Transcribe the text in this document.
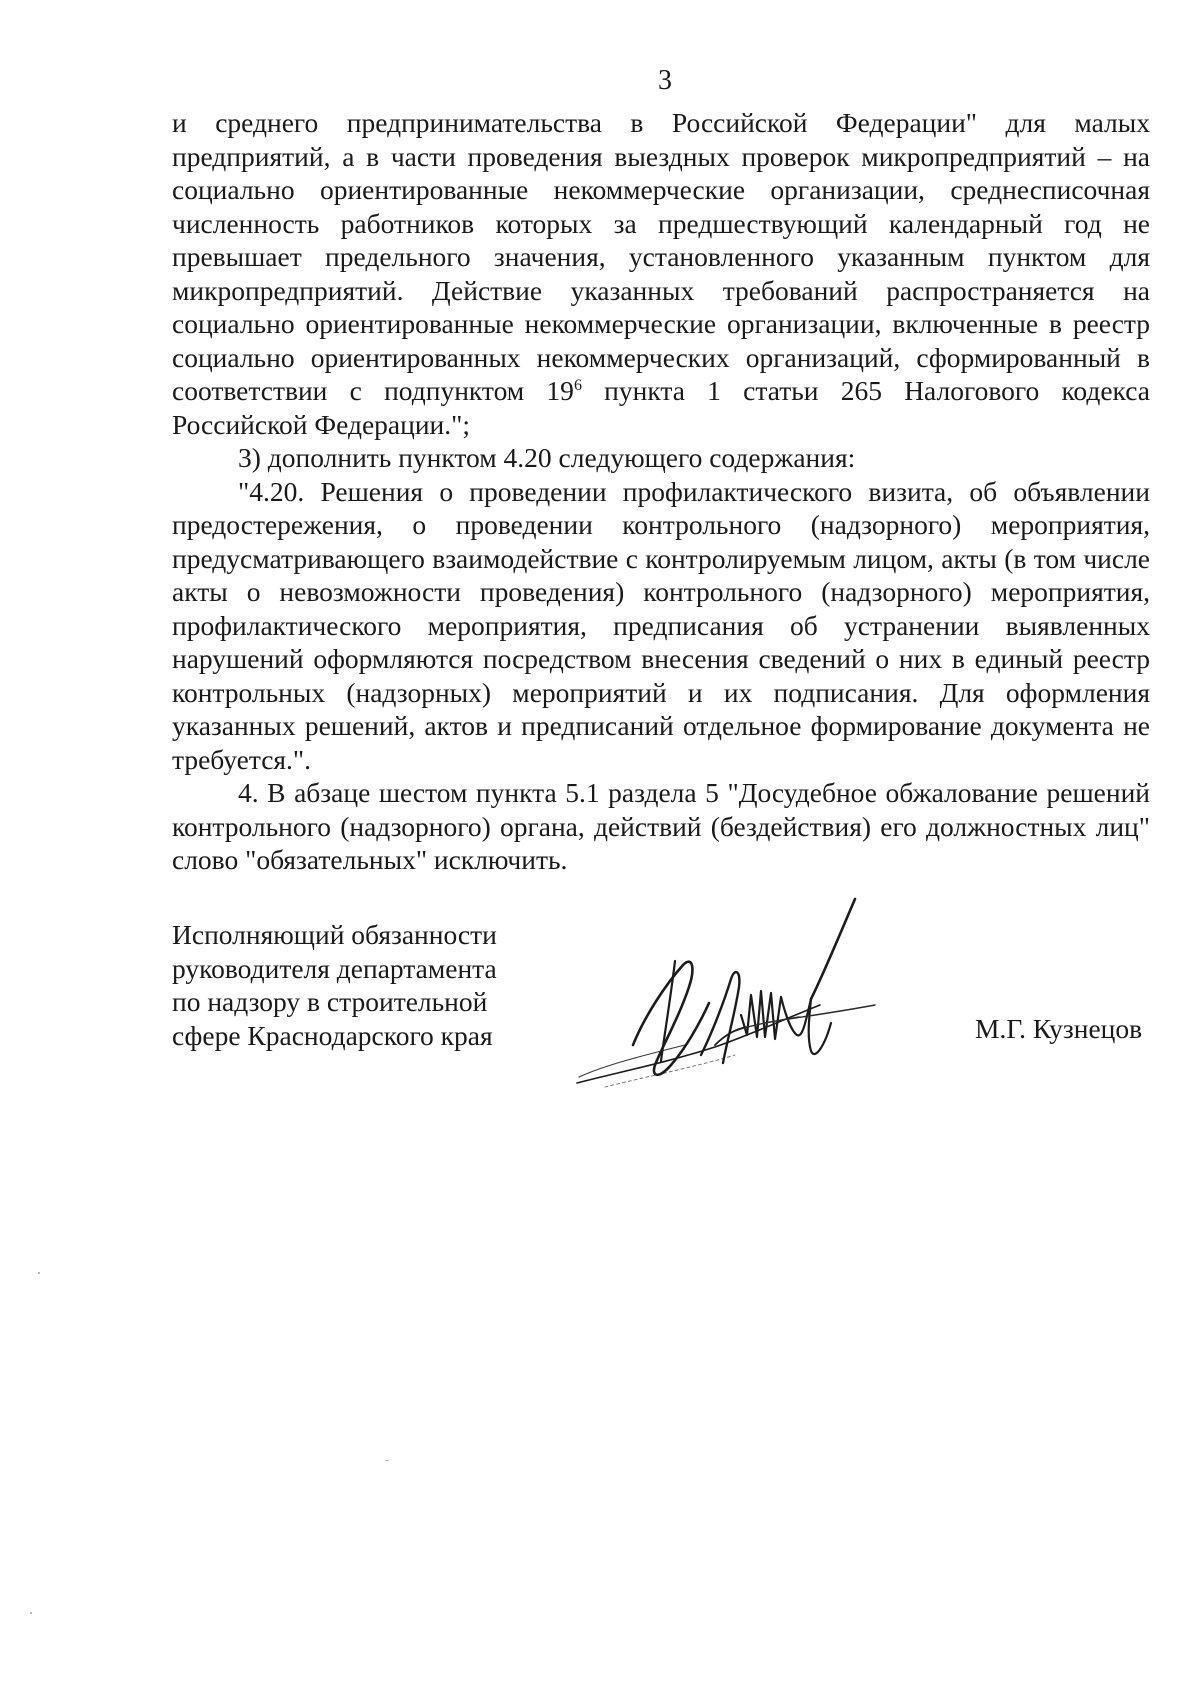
3

и среднего предпринимательства в Российской Федерации" для малых предприятий, а в части проведения выездных проверок микропредприятий – на социально ориентированные некоммерческие организации, среднесписочная численность работников которых за предшествующий календарный год не превышает предельного значения, установленного указанным пунктом для микропредприятий. Действие указанных требований распространяется на социально ориентированные некоммерческие организации, включенные в реестр социально ориентированных некоммерческих организаций, сформированный в соответствии с подпунктом $19^6$ пункта 1 статьи 265 Налогового кодекса Российской Федерации.";

3) дополнить пунктом 4.20 следующего содержания:

"4.20. Решения о проведении профилактического визита, об объявлении предостережения, о проведении контрольного (надзорного) мероприятия, предусматривающего взаимодействие с контролируемым лицом, акты (в том числе акты о невозможности проведения) контрольного (надзорного) мероприятия, профилактического мероприятия, предписания об устранении выявленных нарушений оформляются посредством внесения сведений о них в единый реестр контрольных (надзорных) мероприятий и их подписания. Для оформления указанных решений, актов и предписаний отдельное формирование документа не требуется.".

4. В абзаце шестом пункта 5.1 раздела 5 "Досудебное обжалование решений контрольного (надзорного) органа, действий (бездействия) его должностных лиц" слово "обязательных" исключить.

Исполняющий обязанности
руководителя департамента
по надзору в строительной
сфере Краснодарского края	М.Г. Кузнецов
